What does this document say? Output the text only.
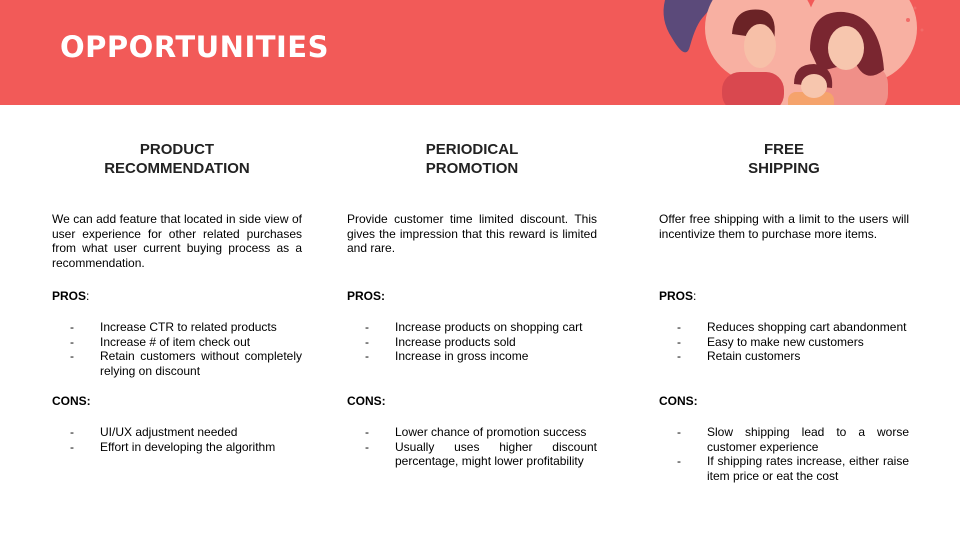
OPPORTUNITIES
PRODUCT
RECOMMENDATION

We can add feature that located in side view of user experience for other related purchases from what user current buying process as a recommendation.

PROS:
- Increase CTR to related products
- Increase # of item check out
- Retain customers without completely relying on discount
CONS:
- UI/UX adjustment needed
- Effort in developing the algorithm
PERIODICAL
PROMOTION

Provide customer time limited discount. This gives the impression that this reward is limited and rare.

PROS:
- Increase products on shopping cart
- Increase products sold
- Increase in gross income
CONS:
- Lower chance of promotion success
- Usually uses higher discount percentage, might lower profitability
FREE
SHIPPING

Offer free shipping with a limit to the users will incentivize them to purchase more items.

PROS:
- Reduces shopping cart abandonment
- Easy to make new customers
- Retain customers
CONS:
- Slow shipping lead to a worse customer experience
- If shipping rates increase, either raise item price or eat the cost
